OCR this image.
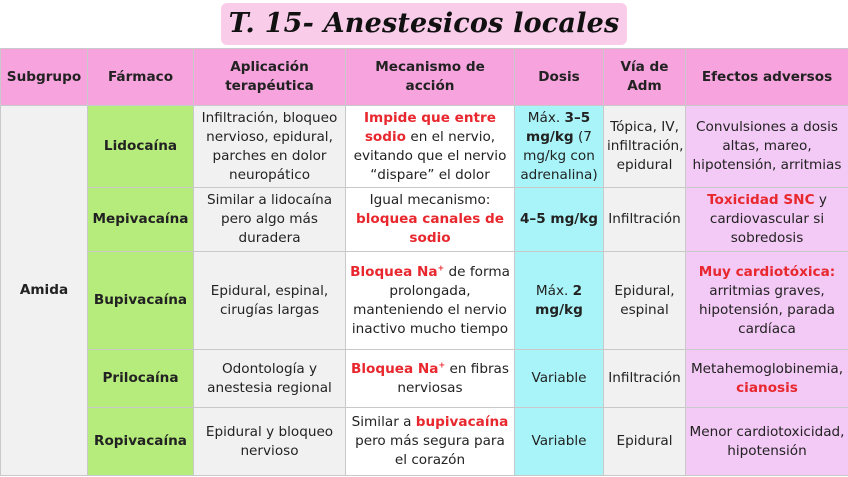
T. 15- Anestesicos locales
Subgrupo	Fármaco	Aplicación terapéutica	Mecanismo de acción	Dosis	Vía de Adm	Efectos adversos
Amida	Lidocaína	Infiltración, bloqueo nervioso, epidural, parches en dolor neuropático	Impide que entre sodio en el nervio, evitando que el nervio “dispare” el dolor	Máx. 3–5 mg/kg (7 mg/kg con adrenalina)	Tópica, IV, infiltración, epidural	Convulsiones a dosis altas, mareo, hipotensión, arritmias
	Mepivacaína	Similar a lidocaína pero algo más duradera	Igual mecanismo: bloquea canales de sodio	4–5 mg/kg	Infiltración	Toxicidad SNC y cardiovascular si sobredosis
	Bupivacaína	Epidural, espinal, cirugías largas	Bloquea Na+ de forma prolongada, manteniendo el nervio inactivo mucho tiempo	Máx. 2 mg/kg	Epidural, espinal	Muy cardiotóxica: arritmias graves, hipotensión, parada cardíaca
	Prilocaína	Odontología y anestesia regional	Bloquea Na+ en fibras nerviosas	Variable	Infiltración	Metahemoglobinemia, cianosis
	Ropivacaína	Epidural y bloqueo nervioso	Similar a bupivacaína pero más segura para el corazón	Variable	Epidural	Menor cardiotoxicidad, hipotensión
